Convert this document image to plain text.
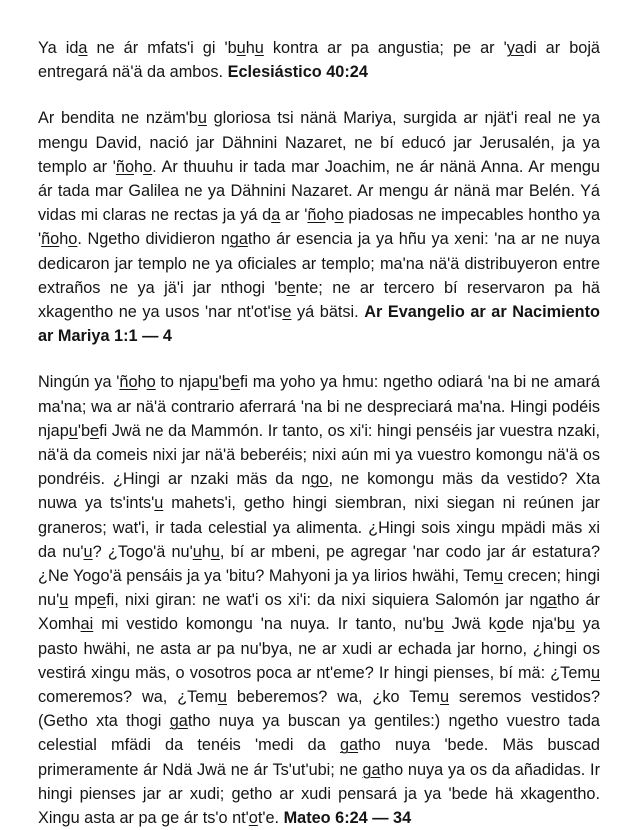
Ya ida ne ár mfats'i gi 'buhu kontra ar pa angustia; pe ar 'yadi ar bojä entregará nä'ä da ambos. Eclesiástico 40:24

Ar bendita ne nzäm'bu gloriosa tsi nänä Mariya, surgida ar njät'i real ne ya mengu David, nació jar Dähnini Nazaret, ne bí educó jar Jerusalén, ja ya templo ar 'ñoho. Ar thuuhu ir tada mar Joachim, ne ár nänä Anna. Ar mengu ár tada mar Galilea ne ya Dähnini Nazaret. Ar mengu ár nänä mar Belén. Yá vidas mi claras ne rectas ja yá da ar 'ñoho piadosas ne impecables hontho ya 'ñoho. Ngetho dividieron ngatho ár esencia ja ya hñu ya xeni: 'na ar ne nuya dedicaron jar templo ne ya oficiales ar templo; ma'na nä'ä distribuyeron entre extraños ne ya jä'i jar nthogi 'bente; ne ar tercero bí reservaron pa hä xkagentho ne ya usos 'nar nt'ot'ise yá bätsi. Ar Evangelio ar ar Nacimiento ar Mariya 1:1 — 4

Ningún ya 'ñoho to njapu'befi ma yoho ya hmu: ngetho odiará 'na bi ne amará ma'na; wa ar nä'ä contrario aferrará 'na bi ne despreciará ma'na. Hingi podéis njapu'befi Jwä ne da Mammón. Ir tanto, os xi'i: hingi penséis jar vuestra nzaki, nä'ä da comeis nixi jar nä'ä beberéis; nixi aún mi ya vuestro komongu nä'ä os pondréis. ¿Hingi ar nzaki mäs da ngo, ne komongu mäs da vestido? Xta nuwa ya ts'ints'u mahets'i, getho hingi siembran, nixi siegan ni reúnen jar graneros; wat'i, ir tada celestial ya alimenta. ¿Hingi sois xingu mpädi mäs xi da nu'u? ¿Togo'ä nu'uhu, bí ar mbeni, pe agregar 'nar codo jar ár estatura? ¿Ne Yogo'ä pensáis ja ya 'bitu? Mahyoni ja ya lirios hwähi, Temu crecen; hingi nu'u mpefi, nixi giran: ne wat'i os xi'i: da nixi siquiera Salomón jar ngatho ár Xomhai mi vestido komongu 'na nuya. Ir tanto, nu'bu Jwä kode nja'bu ya pasto hwähi, ne asta ar pa nu'bya, ne ar xudi ar echada jar horno, ¿hingi os vestirá xingu mäs, o vosotros poca ar nt'eme? Ir hingi pienses, bí mä: ¿Temu comeremos? wa, ¿Temu beberemos? wa, ¿ko Temu seremos vestidos? (Getho xta thogi gatho nuya ya buscan ya gentiles:) ngetho vuestro tada celestial mfädi da tenéis 'medi da gatho nuya 'bede. Mäs buscad primeramente ár Ndä Jwä ne ár Ts'ut'ubi; ne gatho nuya ya os da añadidas. Ir hingi pienses jar ar xudi; getho ar xudi pensará ja ya 'bede hä xkagentho. Xingu asta ar pa ge ár ts'o nt'ot'e. Mateo 6:24 — 34
